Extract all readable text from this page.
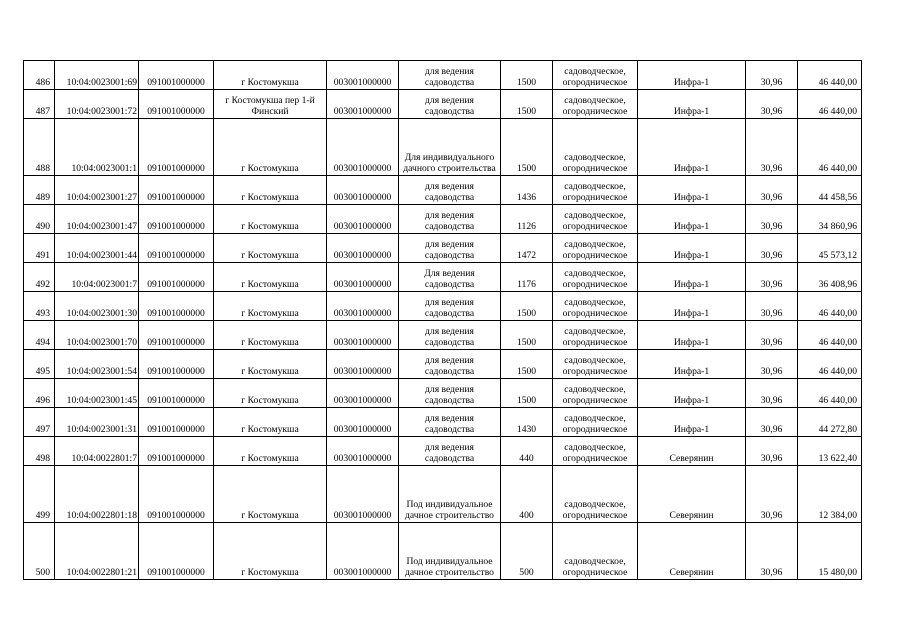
486	10:04:0023001:69	091001000000	г Костомукша	003001000000	для ведения садоводства	1500	садоводческое, огородническое	Инфра-1	30,96	46 440,00
487	10:04:0023001:72	091001000000	г Костомукша пер 1-й Финский	003001000000	для ведения садоводства	1500	садоводческое, огородническое	Инфра-1	30,96	46 440,00
488	10:04:0023001:1	091001000000	г Костомукша	003001000000	Для индивидуального дачного строительства	1500	садоводческое, огородническое	Инфра-1	30,96	46 440,00
489	10:04:0023001:27	091001000000	г Костомукша	003001000000	для ведения садоводства	1436	садоводческое, огородническое	Инфра-1	30,96	44 458,56
490	10:04:0023001:47	091001000000	г Костомукша	003001000000	для ведения садоводства	1126	садоводческое, огородническое	Инфра-1	30,96	34 860,96
491	10:04:0023001:44	091001000000	г Костомукша	003001000000	для ведения садоводства	1472	садоводческое, огородническое	Инфра-1	30,96	45 573,12
492	10:04:0023001:7	091001000000	г Костомукша	003001000000	Для ведения садоводства	1176	садоводческое, огородническое	Инфра-1	30,96	36 408,96
493	10:04:0023001:30	091001000000	г Костомукша	003001000000	для ведения садоводства	1500	садоводческое, огородническое	Инфра-1	30,96	46 440,00
494	10:04:0023001:70	091001000000	г Костомукша	003001000000	для ведения садоводства	1500	садоводческое, огородническое	Инфра-1	30,96	46 440,00
495	10:04:0023001:54	091001000000	г Костомукша	003001000000	для ведения садоводства	1500	садоводческое, огородническое	Инфра-1	30,96	46 440,00
496	10:04:0023001:45	091001000000	г Костомукша	003001000000	для ведения садоводства	1500	садоводческое, огородническое	Инфра-1	30,96	46 440,00
497	10:04:0023001:31	091001000000	г Костомукша	003001000000	для ведения садоводства	1430	садоводческое, огородническое	Инфра-1	30,96	44 272,80
498	10:04:0022801:7	091001000000	г Костомукша	003001000000	для ведения садоводства	440	садоводческое, огородническое	Северянин	30,96	13 622,40
499	10:04:0022801:18	091001000000	г Костомукша	003001000000	Под индивидуальное дачное строительство	400	садоводческое, огородническое	Северянин	30,96	12 384,00
500	10:04:0022801:21	091001000000	г Костомукша	003001000000	Под индивидуальное дачное строительство	500	садоводческое, огородническое	Северянин	30,96	15 480,00
